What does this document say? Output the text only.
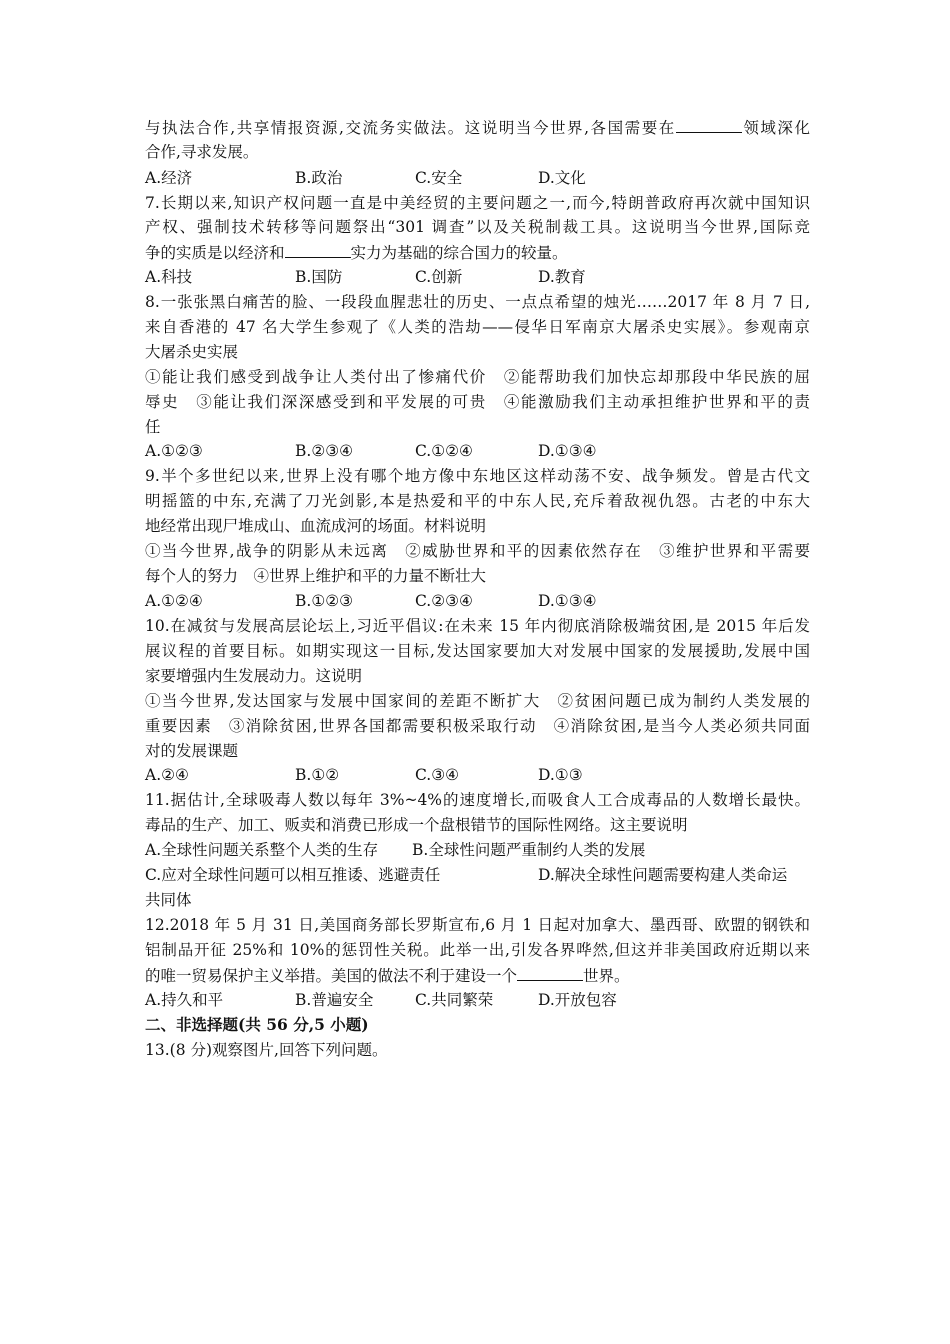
与执法合作,共享情报资源,交流务实做法。这说明当今世界,各国需要在	领域深化
合作,寻求发展。
A.经济	B.政治	C.安全	D.文化
7.长期以来,知识产权问题一直是中美经贸的主要问题之一,而今,特朗普政府再次就中国知识
产权、强制技术转移等问题祭出“301 调查”以及关税制裁工具。这说明当今世界,国际竞
争的实质是以经济和	实力为基础的综合国力的较量。
A.科技	B.国防	C.创新	D.教育
8.一张张黑白痛苦的脸、一段段血腥悲壮的历史、一点点希望的烛光……2017 年 8 月 7 日,
来自香港的 47 名大学生参观了《人类的浩劫——侵华日军南京大屠杀史实展》。参观南京
大屠杀史实展
①能让我们感受到战争让人类付出了惨痛代价　②能帮助我们加快忘却那段中华民族的屈
辱史　③能让我们深深感受到和平发展的可贵　④能激励我们主动承担维护世界和平的责
任
A.①②③	B.②③④	C.①②④	D.①③④
9.半个多世纪以来,世界上没有哪个地方像中东地区这样动荡不安、战争频发。曾是古代文
明摇篮的中东,充满了刀光剑影,本是热爱和平的中东人民,充斥着敌视仇怨。古老的中东大
地经常出现尸堆成山、血流成河的场面。材料说明
①当今世界,战争的阴影从未远离　②威胁世界和平的因素依然存在　③维护世界和平需要
每个人的努力　④世界上维护和平的力量不断壮大
A.①②④	B.①②③	C.②③④	D.①③④
10.在减贫与发展高层论坛上,习近平倡议:在未来 15 年内彻底消除极端贫困,是 2015 年后发
展议程的首要目标。如期实现这一目标,发达国家要加大对发展中国家的发展援助,发展中国
家要增强内生发展动力。这说明
①当今世界,发达国家与发展中国家间的差距不断扩大　②贫困问题已成为制约人类发展的
重要因素　③消除贫困,世界各国都需要积极采取行动　④消除贫困,是当今人类必须共同面
对的发展课题
A.②④	B.①②	C.③④	D.①③
11.据估计,全球吸毒人数以每年 3%~4%的速度增长,而吸食人工合成毒品的人数增长最快。
毒品的生产、加工、贩卖和消费已形成一个盘根错节的国际性网络。这主要说明
A.全球性问题关系整个人类的生存 B.全球性问题严重制约人类的发展
C.应对全球性问题可以相互推诿、逃避责任	D.解决全球性问题需要构建人类命运
共同体
12.2018 年 5 月 31 日,美国商务部长罗斯宣布,6 月 1 日起对加拿大、墨西哥、欧盟的钢铁和
铝制品开征 25%和 10%的惩罚性关税。此举一出,引发各界哗然,但这并非美国政府近期以来
的唯一贸易保护主义举措。美国的做法不利于建设一个	世界。
A.持久和平	B.普遍安全	C.共同繁荣	D.开放包容
二、非选择题(共 56 分,5 小题)
13.(8 分)观察图片,回答下列问题。
